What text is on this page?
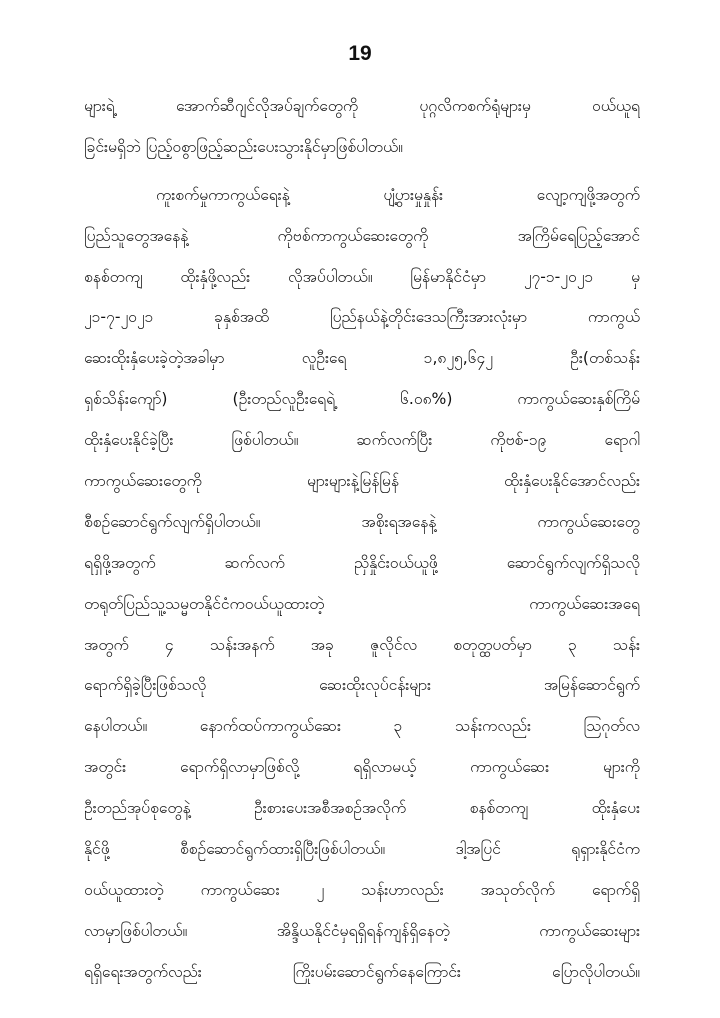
19
များရဲ့ အောက်ဆီဂျင်လိုအပ်ချက်တွေကို ပုဂ္ဂလိကစက်ရုံများမှ ဝယ်ယူရ
ခြင်းမရှိဘဲ ပြည့်ဝစွာဖြည့်ဆည်းပေးသွားနိုင်မှာဖြစ်ပါတယ်။
ကူးစက်မှုကာကွယ်ရေးနဲ့ ပျံ့ပွားမှုနှုန်း လျော့ကျဖို့အတွက်
ပြည်သူတွေအနေနဲ့ ကိုဗစ်ကာကွယ်ဆေးတွေကို အကြိမ်ရေပြည့်အောင်
စနစ်တကျ ထိုးနှံဖို့လည်း လိုအပ်ပါတယ်။ မြန်မာနိုင်ငံမှာ ၂၇-၁-၂၀၂၁ မှ
၂၁-၇-၂၀၂၁ ခုနှစ်အထိ ပြည်နယ်နဲ့တိုင်းဒေသကြီးအားလုံးမှာ ကာကွယ်
ဆေးထိုးနှံပေးခဲ့တဲ့အခါမှာ လူဦးရေ ၁,၈၂၅,၆၄၂ ဦး(တစ်သန်း
ရှစ်သိန်းကျော်) (ဦးတည်လူဦးရေရဲ့ ၆.၀၈%) ကာကွယ်ဆေးနှစ်ကြိမ်
ထိုးနှံပေးနိုင်ခဲ့ပြီး ဖြစ်ပါတယ်။ ဆက်လက်ပြီး ကိုဗစ်-၁၉ ရောဂါ
ကာကွယ်ဆေးတွေကို များများနဲ့မြန်မြန် ထိုးနှံပေးနိုင်အောင်လည်း
စီစဉ်ဆောင်ရွက်လျက်ရှိပါတယ်။ အစိုးရအနေနဲ့ ကာကွယ်ဆေးတွေ
ရရှိဖို့အတွက် ဆက်လက် ညှိနှိုင်းဝယ်ယူဖို့ ဆောင်ရွက်လျက်ရှိသလို
တရုတ်ပြည်သူ့သမ္မတနိုင်ငံကဝယ်ယူထားတဲ့ ကာကွယ်ဆေးအရေ
အတွက် ၄ သန်းအနက် အခု ဇူလိုင်လ စတုတ္ထပတ်မှာ ၃ သန်း
ရောက်ရှိခဲ့ပြီးဖြစ်သလို ဆေးထိုးလုပ်ငန်းများ အမြန်ဆောင်ရွက်
နေပါတယ်။ နောက်ထပ်ကာကွယ်ဆေး ၃ သန်းကလည်း ဩဂုတ်လ
အတွင်း ရောက်ရှိလာမှာဖြစ်လို့ ရရှိလာမယ့် ကာကွယ်ဆေး များကို
ဦးတည်အုပ်စုတွေနဲ့ ဦးစားပေးအစီအစဉ်အလိုက် စနစ်တကျ ထိုးနှံပေး
နိုင်ဖို့ စီစဉ်ဆောင်ရွက်ထားရှိပြီးဖြစ်ပါတယ်။ ဒါ့အပြင် ရုရှားနိုင်ငံက
ဝယ်ယူထားတဲ့ ကာကွယ်ဆေး ၂ သန်းဟာလည်း အသုတ်လိုက် ရောက်ရှိ
လာမှာဖြစ်ပါတယ်။ အိန္ဒိယနိုင်ငံမှရရှိရန်ကျန်ရှိနေတဲ့ ကာကွယ်ဆေးများ
ရရှိရေးအတွက်လည်း ကြိုးပမ်းဆောင်ရွက်နေကြောင်း ပြောလိုပါတယ်။
